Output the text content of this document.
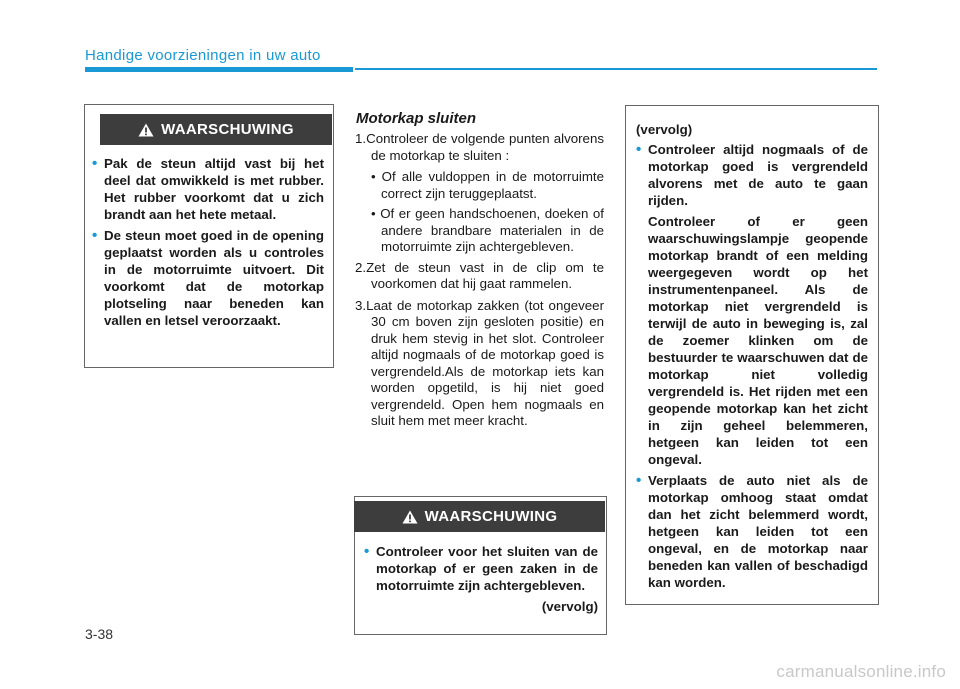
Handige voorzieningen in uw auto
WAARSCHUWING
• Pak de steun altijd vast bij het deel dat omwikkeld is met rubber. Het rubber voorkomt dat u zich brandt aan het hete metaal.
• De steun moet goed in de opening geplaatst worden als u controles in de motorruimte uitvoert. Dit voorkomt dat de motorkap plotseling naar beneden kan vallen en letsel veroorzaakt.
Motorkap sluiten
1.Controleer de volgende punten alvorens de motorkap te sluiten :
• Of alle vuldoppen in de motorruimte correct zijn teruggeplaatst.
• Of er geen handschoenen, doeken of andere brandbare materialen in de motorruimte zijn achtergebleven.
2.Zet de steun vast in de clip om te voorkomen dat hij gaat rammelen.
3.Laat de motorkap zakken (tot ongeveer 30 cm boven zijn gesloten positie) en druk hem stevig in het slot. Controleer altijd nogmaals of de motorkap goed is vergrendeld.Als de motorkap iets kan worden opgetild, is hij niet goed vergrendeld. Open hem nogmaals en sluit hem met meer kracht.
WAARSCHUWING
• Controleer voor het sluiten van de motorkap of er geen zaken in de motorruimte zijn achtergebleven.
(vervolg)
(vervolg)
• Controleer altijd nogmaals of de motorkap goed is vergrendeld alvorens met de auto te gaan rijden.
Controleer of er geen waarschuwingslampje geopende motorkap brandt of een melding weergegeven wordt op het instrumentenpaneel. Als de motorkap niet vergrendeld is terwijl de auto in beweging is, zal de zoemer klinken om de bestuurder te waarschuwen dat de motorkap niet volledig vergrendeld is. Het rijden met een geopende motorkap kan het zicht in zijn geheel belemmeren, hetgeen kan leiden tot een ongeval.
• Verplaats de auto niet als de motorkap omhoog staat omdat dan het zicht belemmerd wordt, hetgeen kan leiden tot een ongeval, en de motorkap naar beneden kan vallen of beschadigd kan worden.
3-38
carmanualsonline.info
